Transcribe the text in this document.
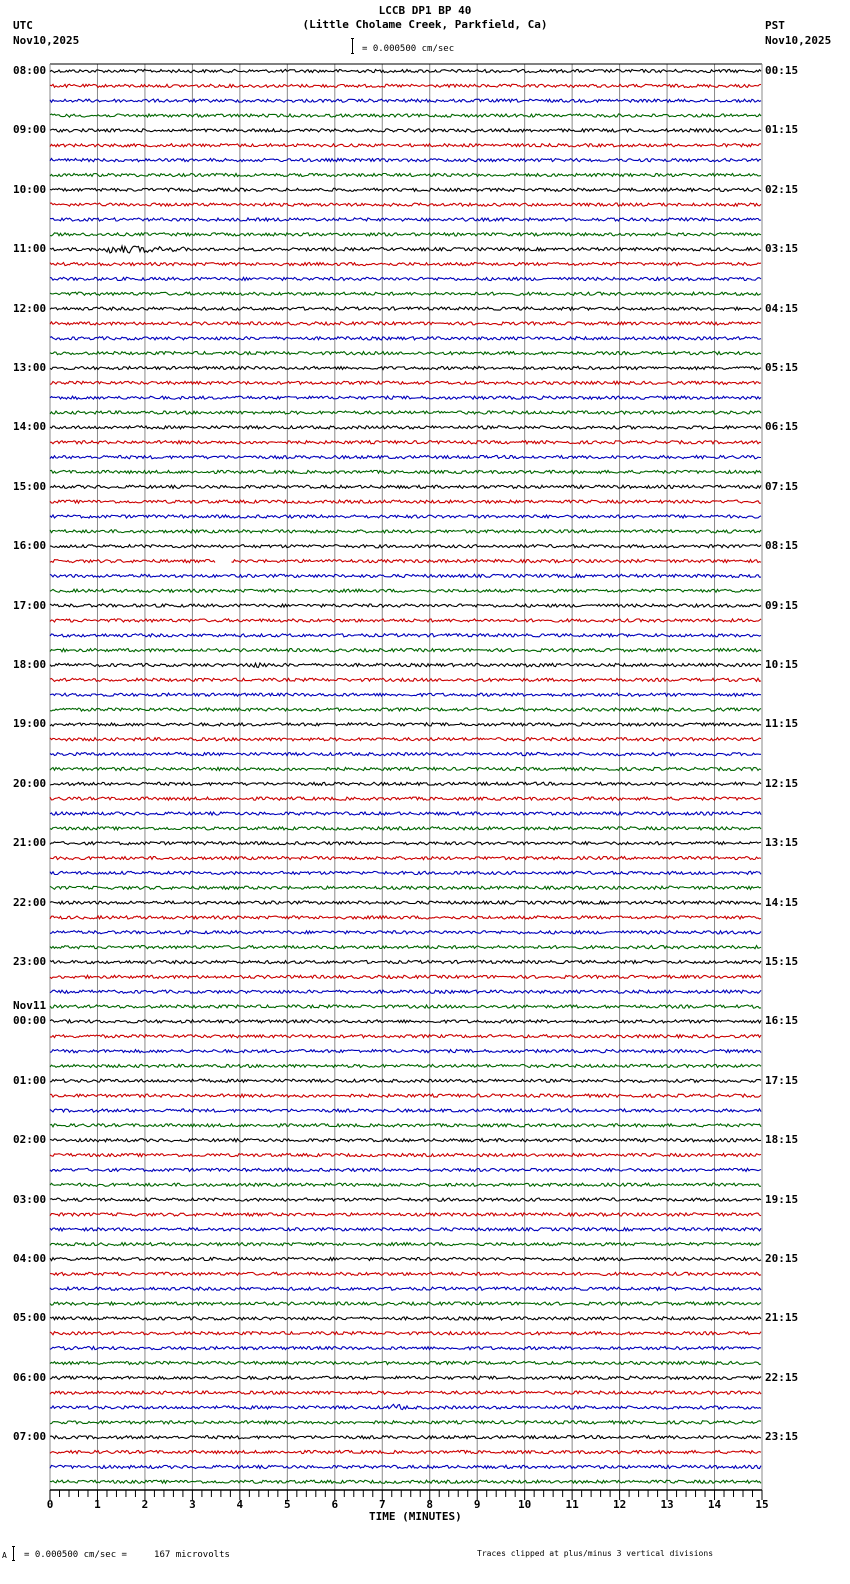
LCCB DP1 BP 40
(Little Cholame Creek, Parkfield, Ca)
UTC
Nov10,2025
PST
Nov10,2025
= 0.000500 cm/sec
08:00
09:00
10:00
11:00
12:00
13:00
14:00
15:00
16:00
17:00
18:00
19:00
20:00
21:00
22:00
23:00
00:00
01:00
02:00
03:00
04:00
05:00
06:00
07:00
00:15
01:15
02:15
03:15
04:15
05:15
06:15
07:15
08:15
09:15
10:15
11:15
12:15
13:15
14:15
15:15
16:15
17:15
18:15
19:15
20:15
21:15
22:15
23:15
Nov11
0	1	2	3	4	5	6	7	8	9	10	11	12	13	14	15
TIME (MINUTES)
A = 0.000500 cm/sec =     167 microvolts	Traces clipped at plus/minus 3 vertical divisions
